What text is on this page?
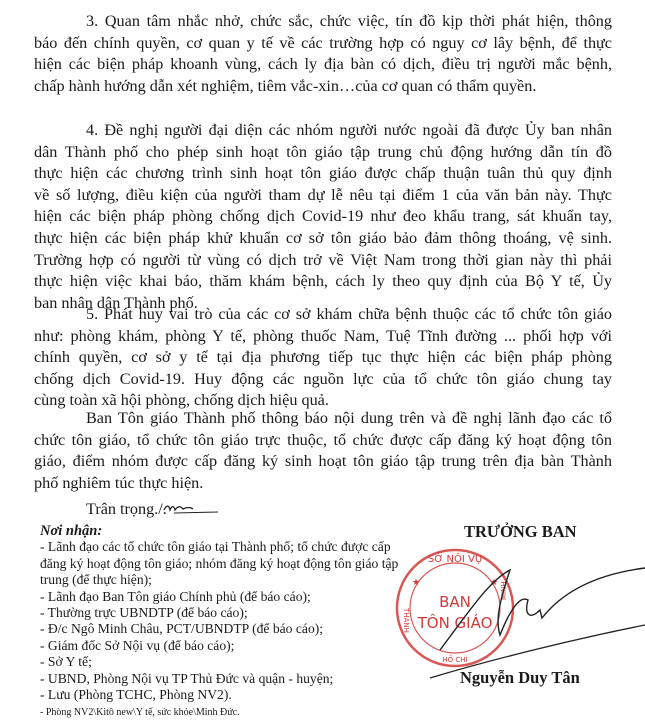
3. Quan tâm nhắc nhở, chức sắc, chức việc, tín đồ kịp thời phát hiện, thông
báo đến chính quyền, cơ quan y tế về các trường hợp có nguy cơ lây bệnh, để thực
hiện các biện pháp khoanh vùng, cách ly địa bàn có dịch, điều trị người mắc bệnh,
chấp hành hướng dẫn xét nghiệm, tiêm vắc-xin…của cơ quan có thẩm quyền.
4. Đề nghị người đại diện các nhóm người nước ngoài đã được Ủy ban nhân
dân Thành phố cho phép sinh hoạt tôn giáo tập trung chủ động hướng dẫn tín đồ
thực hiện các chương trình sinh hoạt tôn giáo được chấp thuận tuân thủ quy định
về số lượng, điều kiện của người tham dự lễ nêu tại điểm 1 của văn bản này. Thực
hiện các biện pháp phòng chống dịch Covid-19 như đeo khẩu trang, sát khuẩn tay,
thực hiện các biện pháp khử khuẩn cơ sở tôn giáo bảo đảm thông thoáng, vệ sinh.
Trường hợp có người từ vùng có dịch trở về Việt Nam trong thời gian này thì phải
thực hiện việc khai báo, thăm khám bệnh, cách ly theo quy định của Bộ Y tế, Ủy
ban nhân dân Thành phố.
5. Phát huy vai trò của các cơ sở khám chữa bệnh thuộc các tổ chức tôn giáo
như: phòng khám, phòng Y tế, phòng thuốc Nam, Tuệ Tĩnh đường ... phối hợp với
chính quyền, cơ sở y tế tại địa phương tiếp tục thực hiện các biện pháp phòng
chống dịch Covid-19. Huy động các nguồn lực của tổ chức tôn giáo chung tay
cùng toàn xã hội phòng, chống dịch hiệu quả.
Ban Tôn giáo Thành phố thông báo nội dung trên và đề nghị lãnh đạo các tổ
chức tôn giáo, tổ chức tôn giáo trực thuộc, tổ chức được cấp đăng ký hoạt động tôn
giáo, điểm nhóm được cấp đăng ký sinh hoạt tôn giáo tập trung trên địa bàn Thành
phố nghiêm túc thực hiện.
Trân trọng./.
Nơi nhận:
- Lãnh đạo các tổ chức tôn giáo tại Thành phố; tổ chức được cấp
đăng ký hoạt động tôn giáo; nhóm đăng ký hoạt động tôn giáo tập
trung (để thực hiện);
- Lãnh đạo Ban Tôn giáo Chính phủ (để báo cáo);
- Thường trực UBNDTP (để báo cáo);
- Đ/c Ngô Minh Châu, PCT/UBNDTP (để báo cáo);
- Giám đốc Sở Nội vụ (để báo cáo);
- Sở Y tế;
- UBND, Phòng Nội vụ TP Thủ Đức và quận - huyện;
- Lưu (Phòng TCHC, Phòng NV2).
- Phòng NV2\Kitô new\Y tế, sức khỏe\Minh Đức.
SỞ NỘI VỤ
BAN
TÔN GIÁO
THÀNH
MINH
HỒ CHÍ
★	★
TRƯỞNG BAN
Nguyễn Duy Tân
